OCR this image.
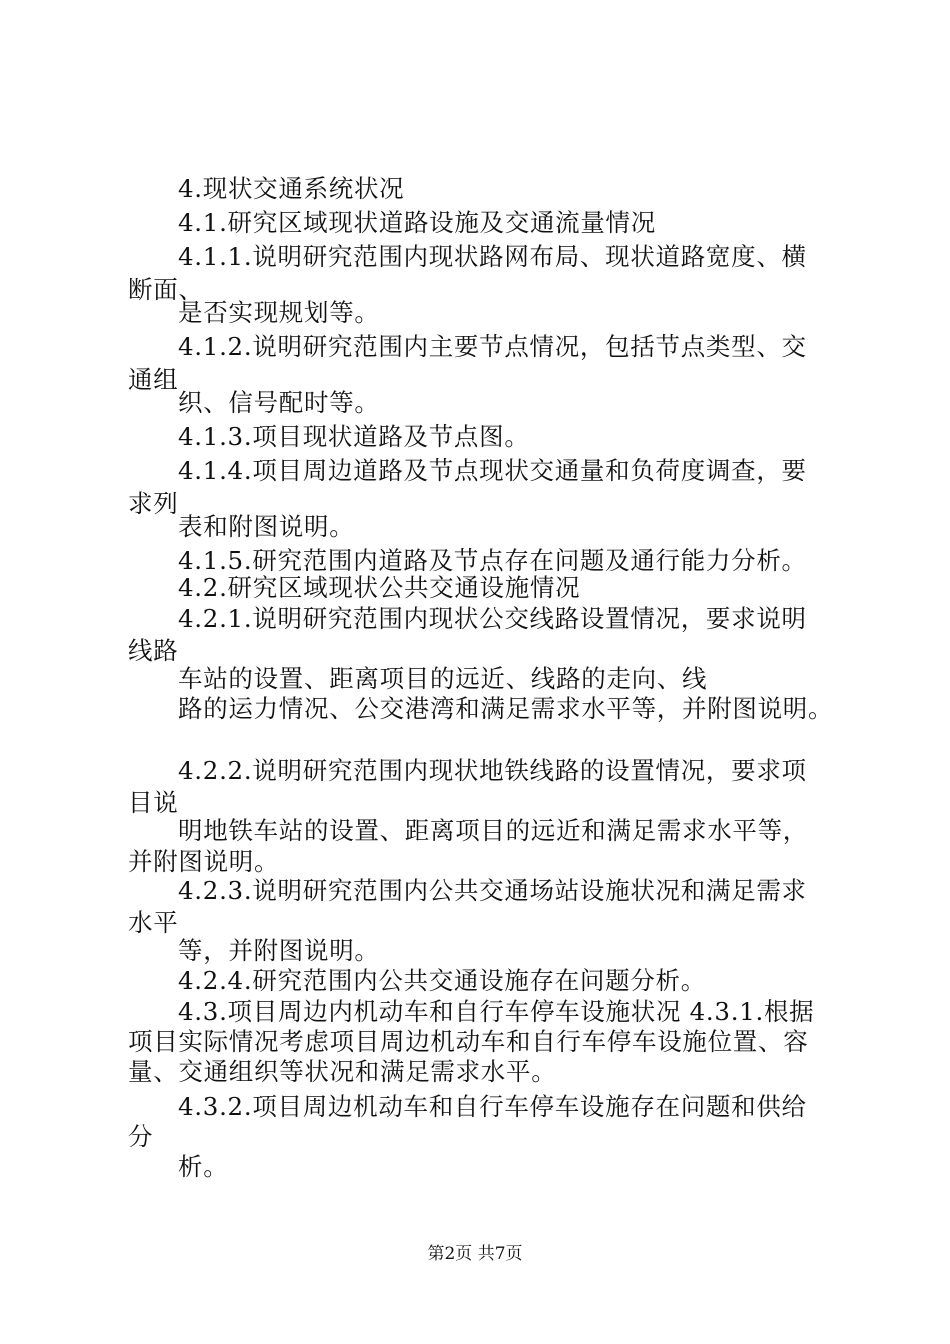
4.现状交通系统状况
4.1.研究区域现状道路设施及交通流量情况
4.1.1.说明研究范围内现状路网布局、现状道路宽度、横
断面、
是否实现规划等。
4.1.2.说明研究范围内主要节点情况，包括节点类型、交
通组
织、信号配时等。
4.1.3.项目现状道路及节点图。
4.1.4.项目周边道路及节点现状交通量和负荷度调查，要
求列
表和附图说明。
4.1.5.研究范围内道路及节点存在问题及通行能力分析。
4.2.研究区域现状公共交通设施情况
4.2.1.说明研究范围内现状公交线路设置情况，要求说明
线路
车站的设置、距离项目的远近、线路的走向、线
路的运力情况、公交港湾和满足需求水平等，并附图说明。
4.2.2.说明研究范围内现状地铁线路的设置情况，要求项
目说
明地铁车站的设置、距离项目的远近和满足需求水平等，
并附图说明。
4.2.3.说明研究范围内公共交通场站设施状况和满足需求
水平
等，并附图说明。
4.2.4.研究范围内公共交通设施存在问题分析。
4.3.项目周边内机动车和自行车停车设施状况 4.3.1.根据
项目实际情况考虑项目周边机动车和自行车停车设施位置、容
量、交通组织等状况和满足需求水平。
4.3.2.项目周边机动车和自行车停车设施存在问题和供给
分
析。
第2页 共7页
